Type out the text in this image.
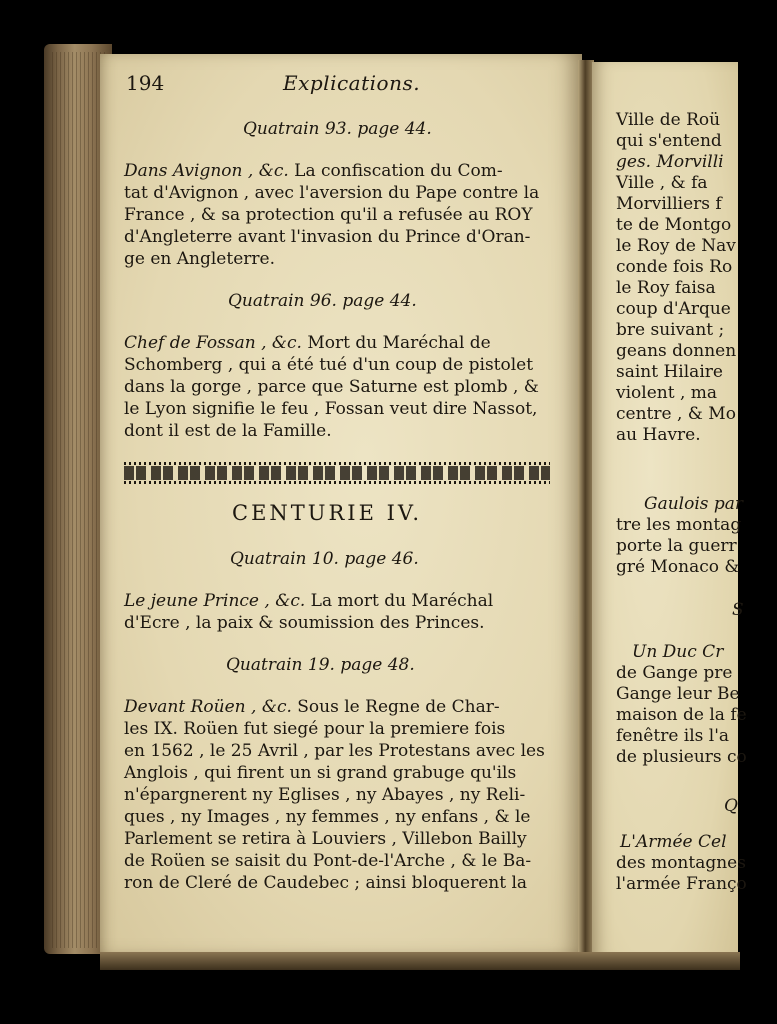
194	Explications.
Quatrain 93. page 44.
Dans Avignon , &c. La confiscation du Com-
tat d'Avignon , avec l'aversion du Pape contre la
France , & sa protection qu'il a refusée au ROY
d'Angleterre avant l'invasion du Prince d'Oran-
ge en Angleterre.
Quatrain 96. page 44.
Chef de Fossan , &c. Mort du Maréchal de
Schomberg , qui a été tué d'un coup de pistolet
dans la gorge , parce que Saturne est plomb , &
le Lyon signifie le feu , Fossan veut dire Nassot,
dont il est de la Famille.
CENTURIE IV.
Quatrain 10. page 46.
Le jeune Prince , &c. La mort du Maréchal
d'Ecre , la paix & soumission des Princes.
Quatrain 19. page 48.
Devant Roüen , &c. Sous le Regne de Char-
les IX. Roüen fut siegé pour la premiere fois
en 1562 , le 25 Avril , par les Protestans avec les
Anglois , qui firent un si grand grabuge qu'ils
n'épargnerent ny Eglises , ny Abayes , ny Reli-
ques , ny Images , ny femmes , ny enfans , & le
Parlement se retira à Louviers , Villebon Bailly
de Roüen se saisit du Pont-de-l'Arche , & le Ba-
ron de Cleré de Caudebec ; ainsi bloquerent la
Ville de Roü
qui s'entend
ges. Morvilli
Ville , & fa
Morvilliers f
te de Montgo
le Roy de Nav
conde fois Ro
le Roy faisa
coup d'Arque
bre suivant ;
geans donnen
saint Hilaire
violent , ma
centre , & Mo
au Havre.
Gaulois par
tre les montag
porte la guerr
gré Monaco &
S
Un Duc Cr
de Gange pre
Gange leur Be
maison de la fe
fenêtre ils l'a
de plusieurs co
Q
L'Armée Cel
des montagnes
l'armée Franço
